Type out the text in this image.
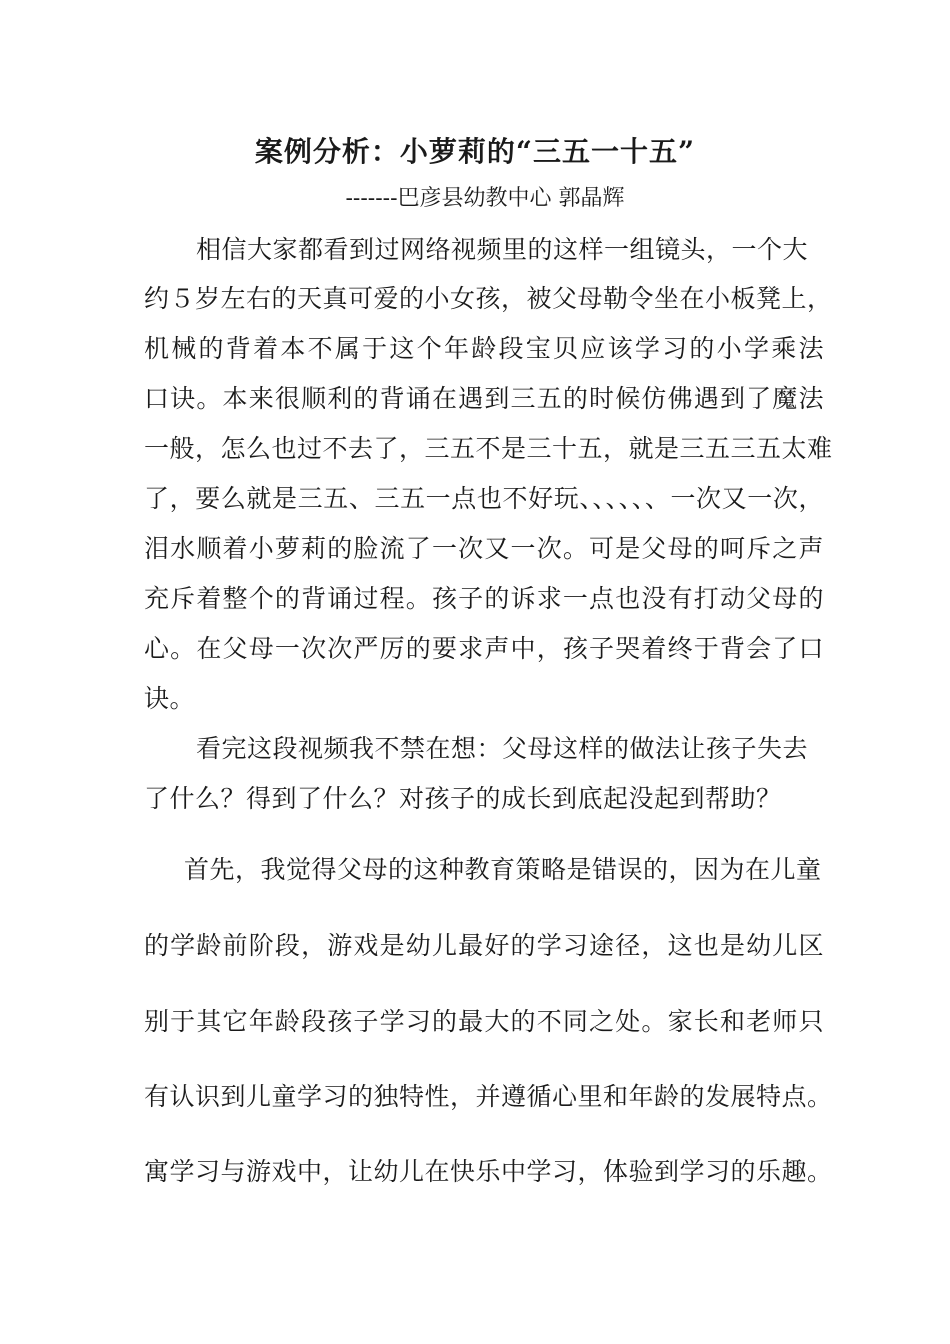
案例分析：小萝莉的“三五一十五”
-------巴彦县幼教中心 郭晶辉
相信大家都看到过网络视频里的这样一组镜头，一个大
约５岁左右的天真可爱的小女孩，被父母勒令坐在小板凳上，
机械的背着本不属于这个年龄段宝贝应该学习的小学乘法
口诀。本来很顺利的背诵在遇到三五的时候仿佛遇到了魔法
一般，怎么也过不去了，三五不是三十五，就是三五三五太难
了，要么就是三五、三五一点也不好玩、、、、、、一次又一次，
泪水顺着小萝莉的脸流了一次又一次。可是父母的呵斥之声
充斥着整个的背诵过程。孩子的诉求一点也没有打动父母的
心。在父母一次次严厉的要求声中，孩子哭着终于背会了口
诀。
看完这段视频我不禁在想：父母这样的做法让孩子失去
了什么？得到了什么？对孩子的成长到底起没起到帮助？
首先，我觉得父母的这种教育策略是错误的，因为在儿童
的学龄前阶段，游戏是幼儿最好的学习途径，这也是幼儿区
别于其它年龄段孩子学习的最大的不同之处。家长和老师只
有认识到儿童学习的独特性，并遵循心里和年龄的发展特点。
寓学习与游戏中，让幼儿在快乐中学习，体验到学习的乐趣。
